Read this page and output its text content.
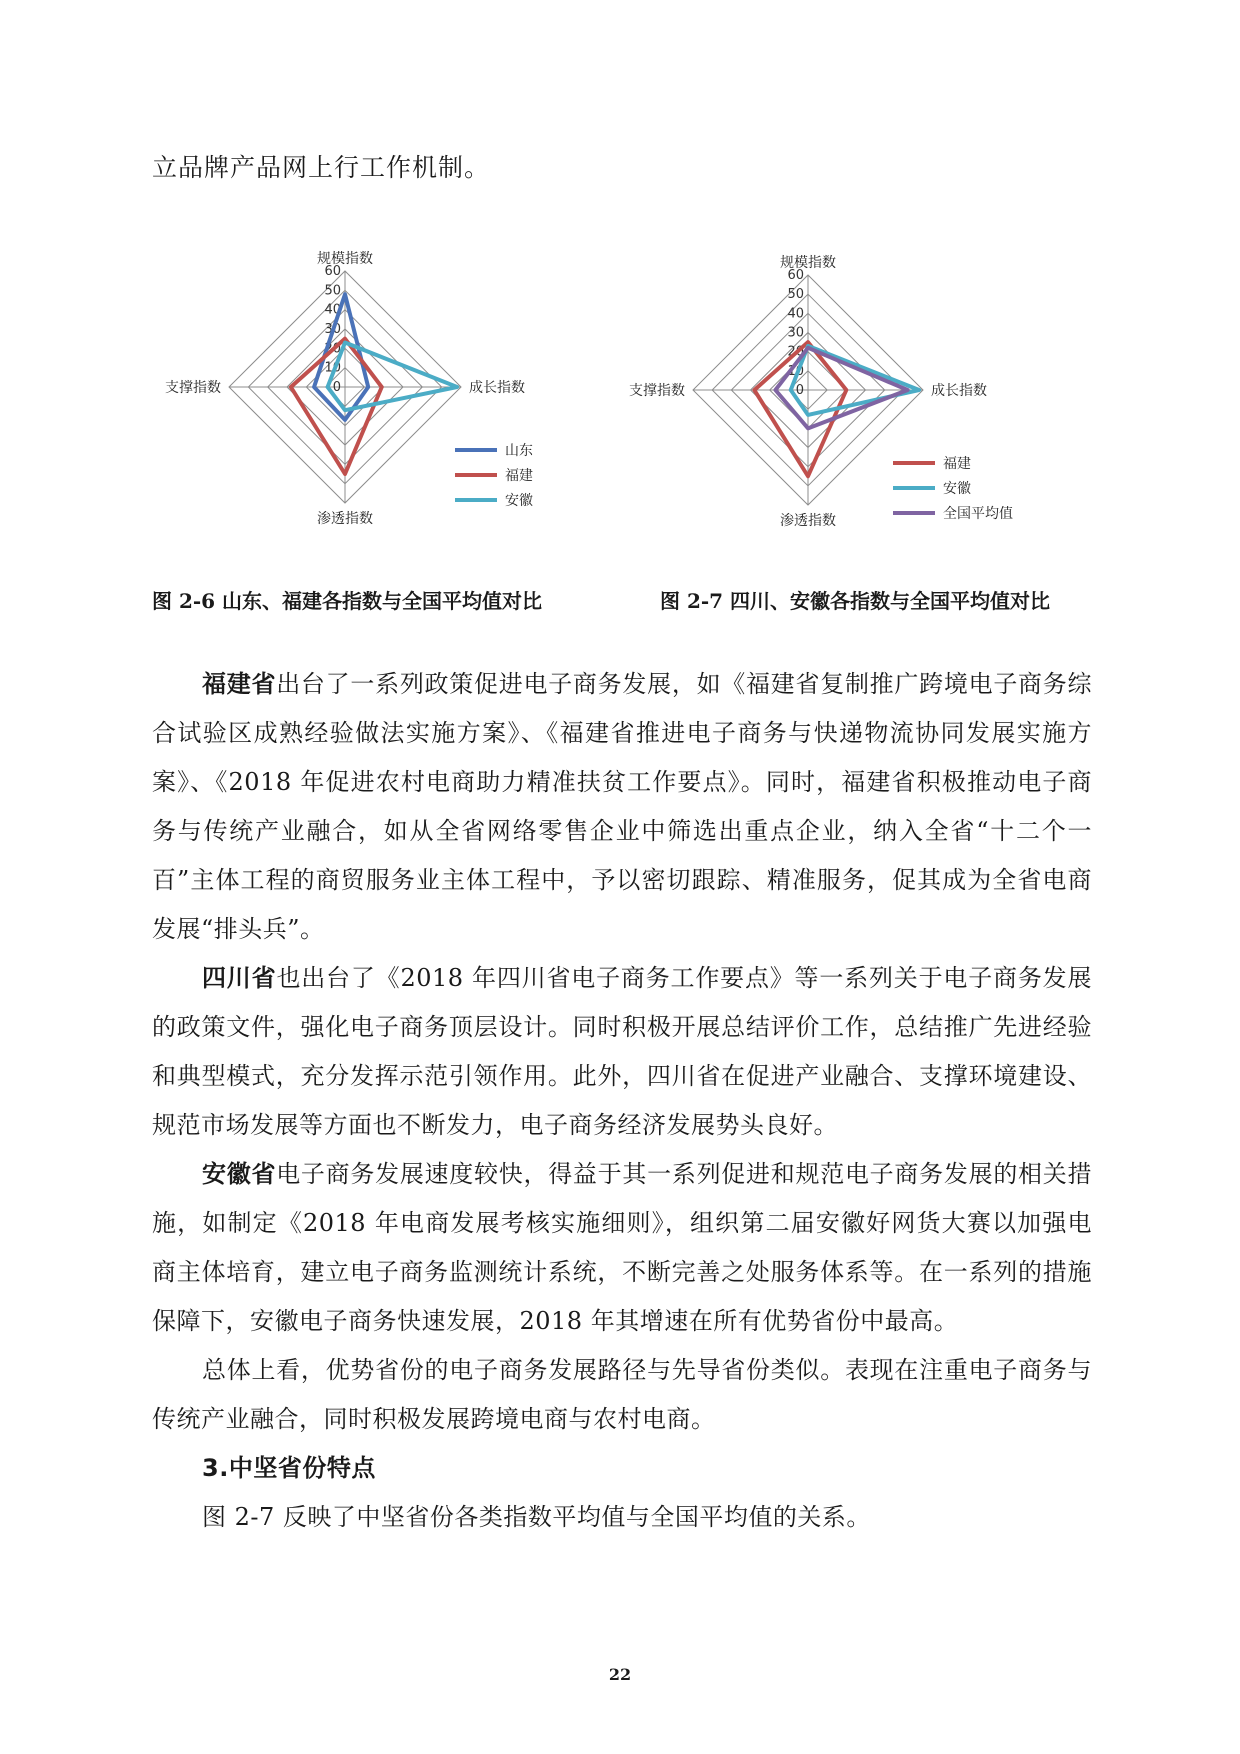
立品牌产品网上行工作机制。
0
10
20
30
40
50
60
规模指数
成长指数
渗透指数
支撑指数
山东
福建
安徽
0
10
20
30
40
50
60
规模指数
成长指数
渗透指数
支撑指数
福建
安徽
全国平均值
图 2-6 山东、福建各指数与全国平均值对比	图 2-7 四川、安徽各指数与全国平均值对比

福建省出台了一系列政策促进电子商务发展，如《福建省复制推广跨境电子商务综合试验区成熟经验做法实施方案》、《福建省推进电子商务与快递物流协同发展实施方案》、《2018 年促进农村电商助力精准扶贫工作要点》。同时，福建省积极推动电子商务与传统产业融合，如从全省网络零售企业中筛选出重点企业，纳入全省“十二个一百”主体工程的商贸服务业主体工程中，予以密切跟踪、精准服务，促其成为全省电商发展“排头兵”。

四川省也出台了《2018 年四川省电子商务工作要点》等一系列关于电子商务发展的政策文件，强化电子商务顶层设计。同时积极开展总结评价工作，总结推广先进经验和典型模式，充分发挥示范引领作用。此外，四川省在促进产业融合、支撑环境建设、规范市场发展等方面也不断发力，电子商务经济发展势头良好。

安徽省电子商务发展速度较快，得益于其一系列促进和规范电子商务发展的相关措施，如制定《2018 年电商发展考核实施细则》，组织第二届安徽好网货大赛以加强电商主体培育，建立电子商务监测统计系统，不断完善之处服务体系等。在一系列的措施保障下，安徽电子商务快速发展，2018 年其增速在所有优势省份中最高。

总体上看，优势省份的电子商务发展路径与先导省份类似。表现在注重电子商务与传统产业融合，同时积极发展跨境电商与农村电商。

3.中坚省份特点

图 2-7 反映了中坚省份各类指数平均值与全国平均值的关系。

22
